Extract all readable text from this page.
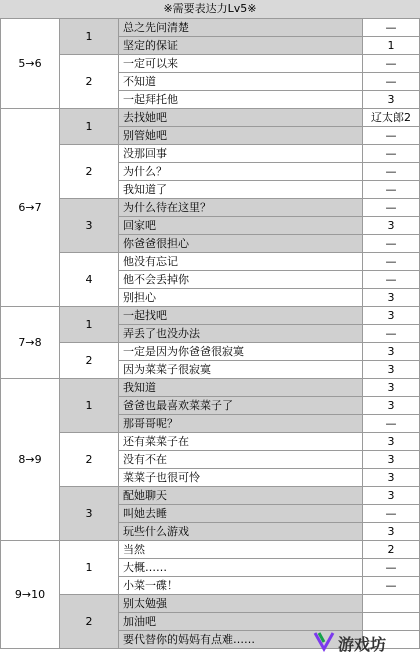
※需要表达力Lv5※
5→6	1	总之先问清楚	—
		坚定的保证	1
	2	一定可以来	—
		不知道	—
		一起拜托他	3
6→7	1	去找她吧	辽太郎2
		别管她吧	—
	2	没那回事	—
		为什么？	—
		我知道了	—
	3	为什么待在这里？	—
		回家吧	3
		你爸爸很担心	—
	4	他没有忘记	—
		他不会丢掉你	—
		别担心	3
7→8	1	一起找吧	3
		弄丢了也没办法	—
	2	一定是因为你爸爸很寂寞	3
		因为菜菜子很寂寞	3
8→9	1	我知道	3
		爸爸也最喜欢菜菜子了	3
		那哥哥呢？	—
	2	还有菜菜子在	3
		没有不在	3
		菜菜子也很可怜	3
	3	配她聊天	3
		叫她去睡	—
		玩些什么游戏	3
9→10	1	当然	2
		大概……	—
		小菜一碟！	—
	2	别太勉强	
		加油吧	
		要代替你的妈妈有点难……		游戏坊
